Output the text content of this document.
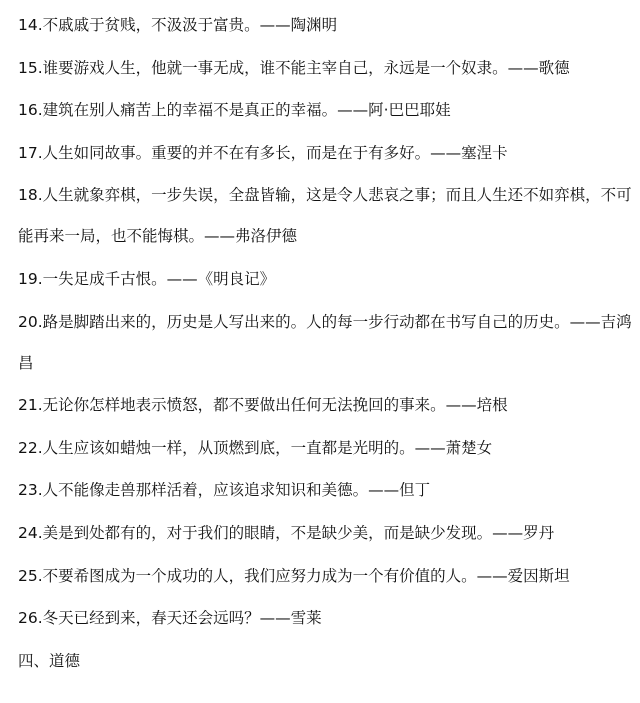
14.不戚戚于贫贱，不汲汲于富贵。——陶渊明
15.谁要游戏人生，他就一事无成，谁不能主宰自己，永远是一个奴隶。——歌德
16.建筑在别人痛苦上的幸福不是真正的幸福。——阿·巴巴耶娃
17.人生如同故事。重要的并不在有多长，而是在于有多好。——塞涅卡
18.人生就象弈棋，一步失误，全盘皆输，这是令人悲哀之事；而且人生还不如弈棋，不可
能再来一局，也不能悔棋。——弗洛伊德
19.一失足成千古恨。——《明良记》
20.路是脚踏出来的，历史是人写出来的。人的每一步行动都在书写自己的历史。——吉鸿
昌
21.无论你怎样地表示愤怒，都不要做出任何无法挽回的事来。——培根
22.人生应该如蜡烛一样，从顶燃到底，一直都是光明的。——萧楚女
23.人不能像走兽那样活着，应该追求知识和美德。——但丁
24.美是到处都有的，对于我们的眼睛，不是缺少美，而是缺少发现。——罗丹
25.不要希图成为一个成功的人，我们应努力成为一个有价值的人。——爱因斯坦
26.冬天已经到来，春天还会远吗？——雪莱
四、道德
